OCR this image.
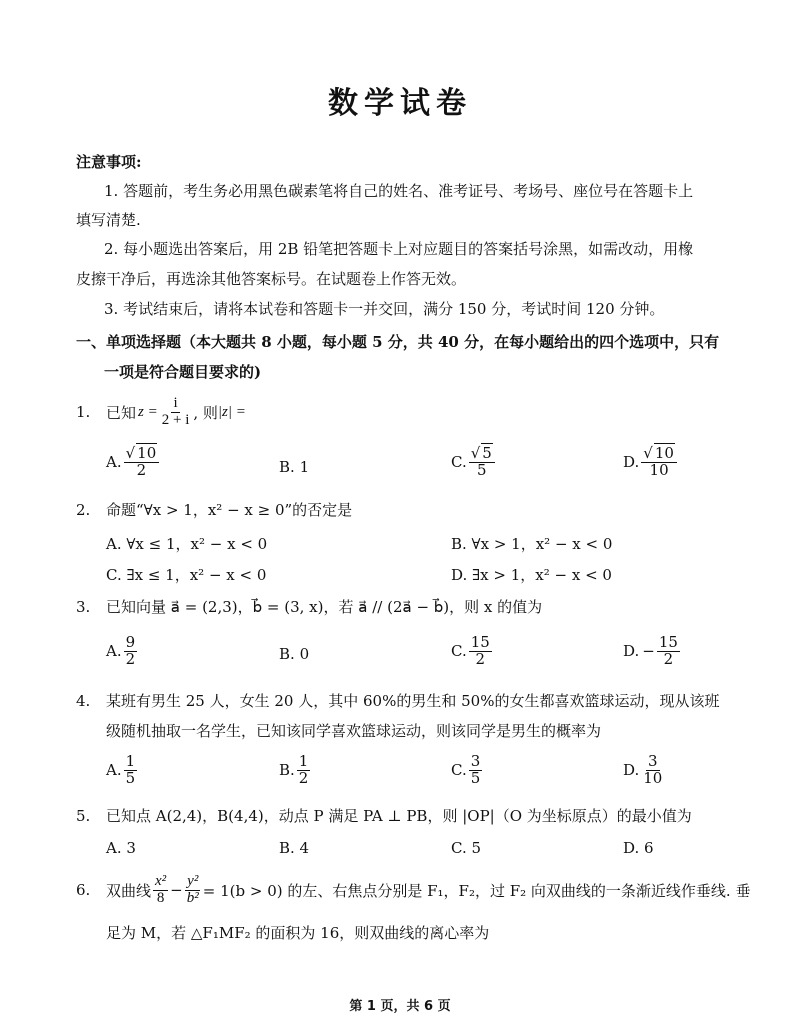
数学试卷
注意事项:
1. 答题前，考生务必用黑色碳素笔将自己的姓名、准考证号、考场号、座位号在答题卡上
填写清楚.
2. 每小题选出答案后，用 2B 铅笔把答题卡上对应题目的答案括号涂黑，如需改动，用橡
皮擦干净后，再选涂其他答案标号。在试题卷上作答无效。
3. 考试结束后，请将本试卷和答题卡一并交回，满分 150 分，考试时间 120 分钟。
一、单项选择题（本大题共 8 小题，每小题 5 分，共 40 分，在每小题给出的四个选项中，只有
一项是符合题目要求的)
1.	已知 $z = \frac{i}{2 + i}$ , 则 |z| =
A. $\frac{√ 10}{2}$	B. 1	C. $\frac{√ 5}{5}$	D. $\frac{√ 10}{10}$
2. 命题“∀x > 1，x² − x ≥ 0”的否定是
A. ∀x ≤ 1，x² − x < 0	B. ∀x > 1，x² − x < 0
C. ∃x ≤ 1，x² − x < 0	D. ∃x > 1，x² − x < 0
3. 已知向量 a⃗ = (2,3)，b⃗ = (3, x)，若 a⃗ // (2a⃗ − b⃗)，则 x 的值为
A. $\frac{9}{2}$	B. 0	C. $\frac{15}{2}$	D. − $\frac{15}{2}$
4. 某班有男生 25 人，女生 20 人，其中 60%的男生和 50%的女生都喜欢篮球运动，现从该班
级随机抽取一名学生，已知该同学喜欢篮球运动，则该同学是男生的概率为
A. $\frac{1}{5}$	B. $\frac{1}{2}$	C. $\frac{3}{5}$	D. $\frac{3}{10}$
5. 已知点 A(2,4)，B(4,4)，动点 P 满足 PA ⊥ PB，则 |OP|（O 为坐标原点）的最小值为
A. 3	B. 4	C. 5	D. 6
6.	双曲线 $\frac{\text{x²}}{8} - \frac{\text{y²}}{\text{b²}} = 1(b > 0)$ 的左、右焦点分别是 F₁，F₂，过 F₂ 向双曲线的一条渐近线作垂线. 垂
足为 M，若 △F₁MF₂ 的面积为 16，则双曲线的离心率为
第 1 页，共 6 页
